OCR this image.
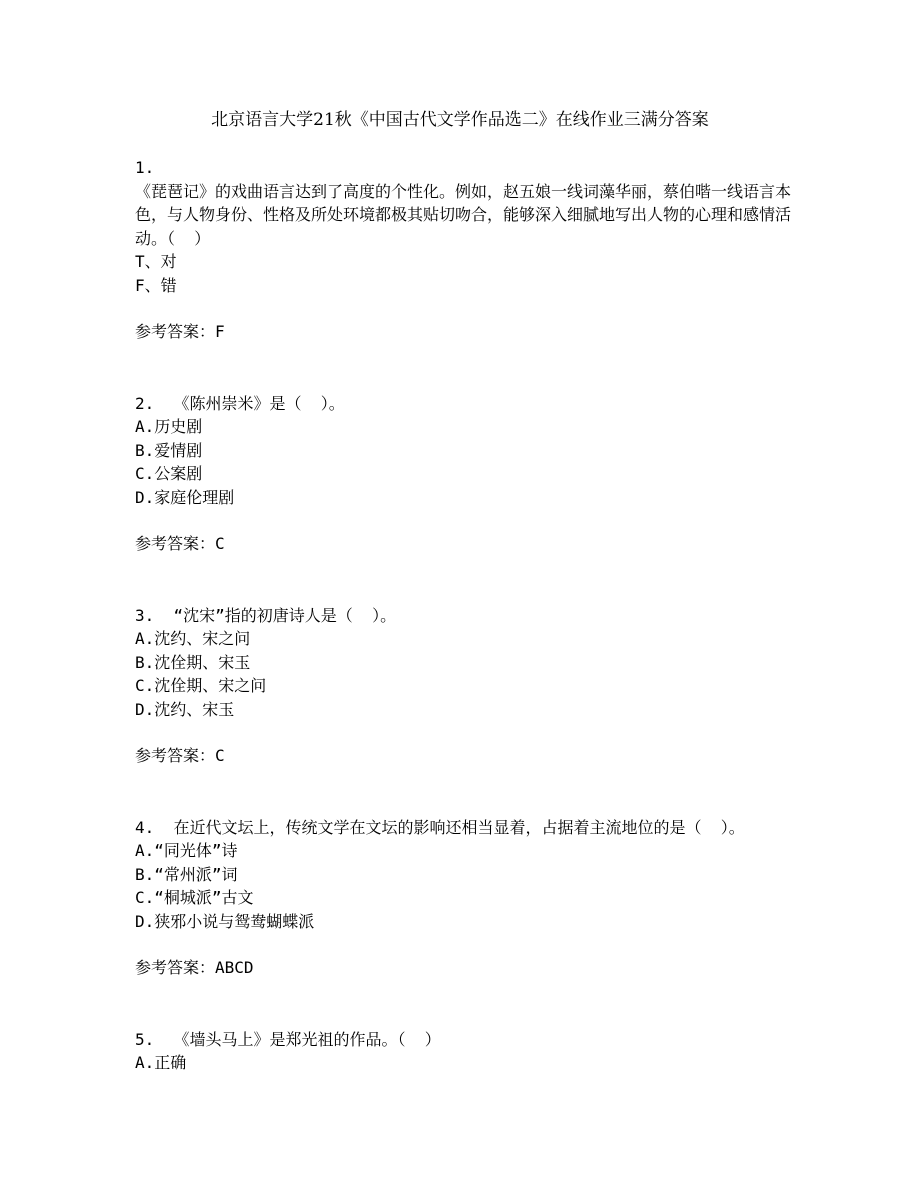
北京语言大学21秋《中国古代文学作品选二》在线作业三满分答案
1.
《琵琶记》的戏曲语言达到了高度的个性化。例如，赵五娘一线词藻华丽，蔡伯喈一线语言本色，与人物身份、性格及所处环境都极其贴切吻合，能够深入细腻地写出人物的心理和感情活动。（  ）
T、对
F、错
参考答案：F
2. 《陈州崇米》是（  ）。
A.历史剧
B.爱情剧
C.公案剧
D.家庭伦理剧
参考答案：C
3. “沈宋”指的初唐诗人是（  ）。
A.沈约、宋之问
B.沈佺期、宋玉
C.沈佺期、宋之问
D.沈约、宋玉
参考答案：C
4. 在近代文坛上，传统文学在文坛的影响还相当显着，占据着主流地位的是（  ）。
A.“同光体”诗
B.“常州派”词
C.“桐城派”古文
D.狭邪小说与鸳鸯蝴蝶派
参考答案：ABCD
5. 《墙头马上》是郑光祖的作品。（  ）
A.正确
